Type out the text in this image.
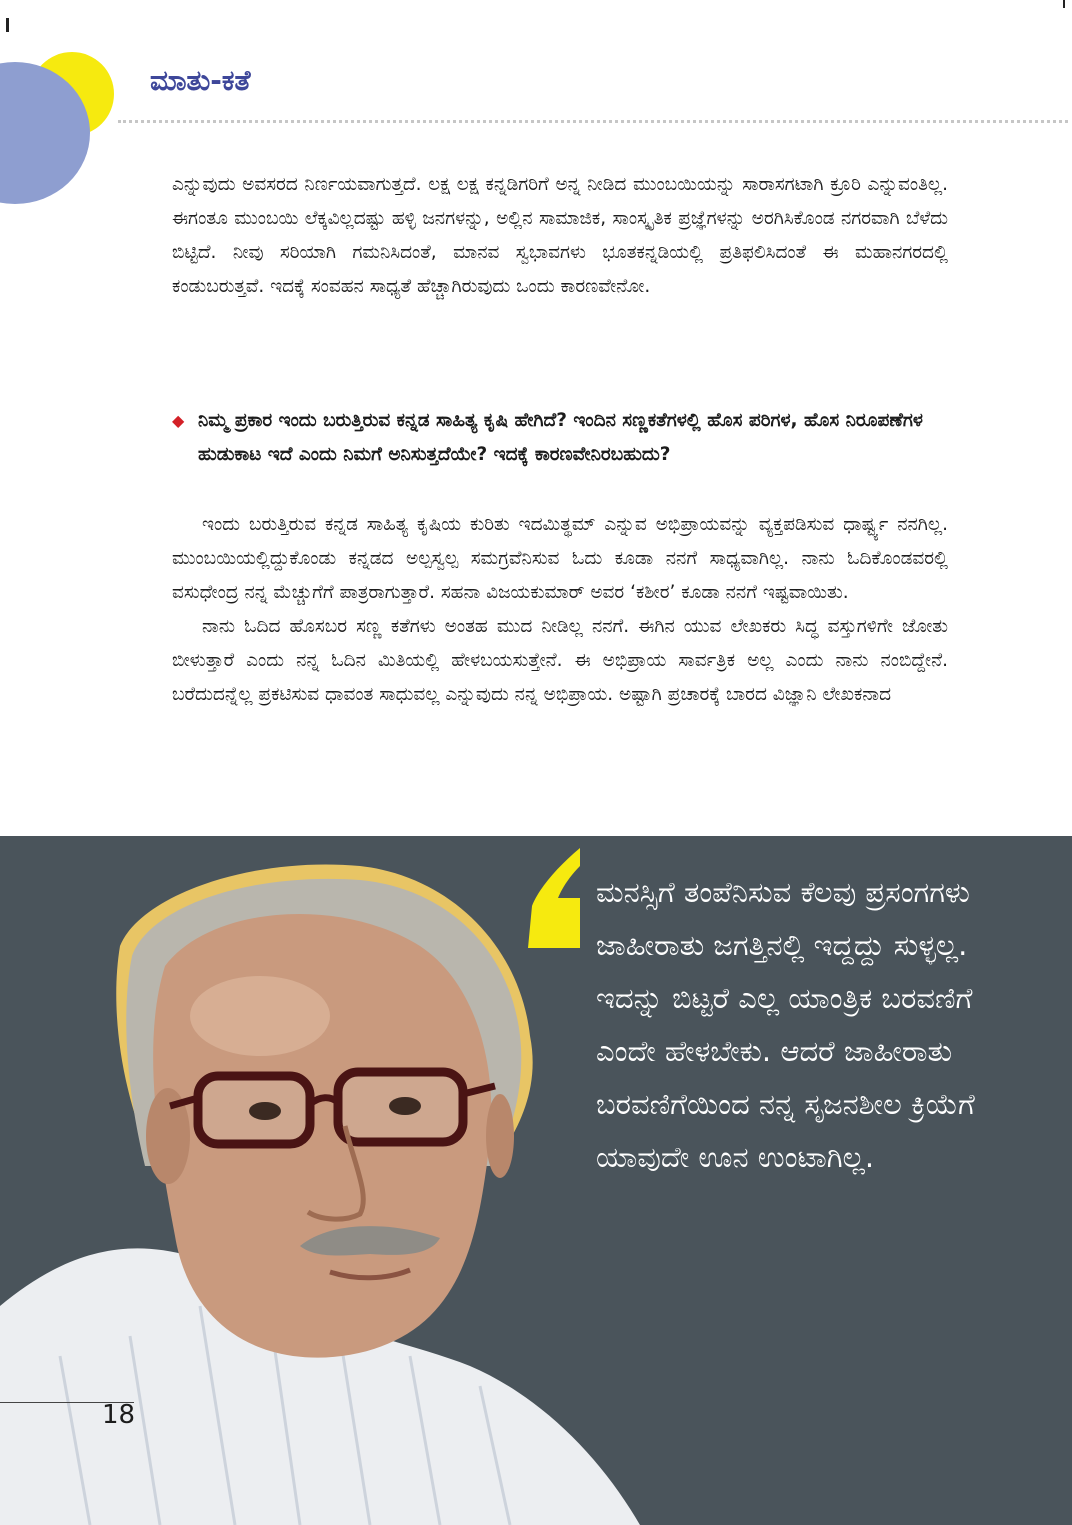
ಮಾತು-ಕತೆ

ಎನ್ನುವುದು ಅವಸರದ ನಿರ್ಣಯವಾಗುತ್ತದೆ. ಲಕ್ಷ ಲಕ್ಷ ಕನ್ನಡಿಗರಿಗೆ ಅನ್ನ ನೀಡಿದ ಮುಂಬಯಿಯನ್ನು ಸಾರಾಸಗಟಾಗಿ ಕ್ರೂರಿ ಎನ್ನುವಂತಿಲ್ಲ. ಈಗಂತೂ ಮುಂಬಯಿ ಲೆಕ್ಕವಿಲ್ಲದಷ್ಟು ಹಳ್ಳಿ ಜನಗಳನ್ನು, ಅಲ್ಲಿನ ಸಾಮಾಜಿಕ, ಸಾಂಸ್ಕೃತಿಕ ಪ್ರಜ್ಞೆಗಳನ್ನು ಅರಗಿಸಿಕೊಂಡ ನಗರವಾಗಿ ಬೆಳೆದು ಬಿಟ್ಟಿದೆ. ನೀವು ಸರಿಯಾಗಿ ಗಮನಿಸಿದಂತೆ, ಮಾನವ ಸ್ವಭಾವಗಳು ಭೂತಕನ್ನಡಿಯಲ್ಲಿ ಪ್ರತಿಫಲಿಸಿದಂತೆ ಈ ಮಹಾನಗರದಲ್ಲಿ ಕಂಡುಬರುತ್ತವೆ. ಇದಕ್ಕೆ ಸಂವಹನ ಸಾಧ್ಯತೆ ಹೆಚ್ಚಾಗಿರುವುದು ಒಂದು ಕಾರಣವೇನೋ.

◆ ನಿಮ್ಮ ಪ್ರಕಾರ ಇಂದು ಬರುತ್ತಿರುವ ಕನ್ನಡ ಸಾಹಿತ್ಯ ಕೃಷಿ ಹೇಗಿದೆ? ಇಂದಿನ ಸಣ್ಣಕತೆಗಳಲ್ಲಿ ಹೊಸ ಪರಿಗಳ, ಹೊಸ ನಿರೂಪಣೆಗಳ ಹುಡುಕಾಟ ಇದೆ ಎಂದು ನಿಮಗೆ ಅನಿಸುತ್ತದೆಯೇ? ಇದಕ್ಕೆ ಕಾರಣವೇನಿರಬಹುದು?

ಇಂದು ಬರುತ್ತಿರುವ ಕನ್ನಡ ಸಾಹಿತ್ಯ ಕೃಷಿಯ ಕುರಿತು ಇದಮಿತ್ಥಮ್ ಎನ್ನುವ ಅಭಿಪ್ರಾಯವನ್ನು ವ್ಯಕ್ತಪಡಿಸುವ ಧಾರ್ಷ್ಟ್ಯ ನನಗಿಲ್ಲ. ಮುಂಬಯಿಯಲ್ಲಿದ್ದುಕೊಂಡು ಕನ್ನಡದ ಅಲ್ಪಸ್ವಲ್ಪ ಸಮಗ್ರವೆನಿಸುವ ಓದು ಕೂಡಾ ನನಗೆ ಸಾಧ್ಯವಾಗಿಲ್ಲ. ನಾನು ಓದಿಕೊಂಡವರಲ್ಲಿ ವಸುಧೇಂದ್ರ ನನ್ನ ಮೆಚ್ಚುಗೆಗೆ ಪಾತ್ರರಾಗುತ್ತಾರೆ. ಸಹನಾ ವಿಜಯಕುಮಾರ್ ಅವರ ‘ಕಶೀರ’ ಕೂಡಾ ನನಗೆ ಇಷ್ಟವಾಯಿತು.

ನಾನು ಓದಿದ ಹೊಸಬರ ಸಣ್ಣ ಕತೆಗಳು ಅಂತಹ ಮುದ ನೀಡಿಲ್ಲ ನನಗೆ. ಈಗಿನ ಯುವ ಲೇಖಕರು ಸಿದ್ಧ ವಸ್ತುಗಳಿಗೇ ಜೋತು ಬೀಳುತ್ತಾರೆ ಎಂದು ನನ್ನ ಓದಿನ ಮಿತಿಯಲ್ಲಿ ಹೇಳಬಯಸುತ್ತೇನೆ. ಈ ಅಭಿಪ್ರಾಯ ಸಾರ್ವತ್ರಿಕ ಅಲ್ಲ ಎಂದು ನಾನು ನಂಬಿದ್ದೇನೆ. ಬರೆದುದನ್ನೆಲ್ಲ ಪ್ರಕಟಿಸುವ ಧಾವಂತ ಸಾಧುವಲ್ಲ ಎನ್ನುವುದು ನನ್ನ ಅಭಿಪ್ರಾಯ. ಅಷ್ಟಾಗಿ ಪ್ರಚಾರಕ್ಕೆ ಬಾರದ ವಿಜ್ಞಾನಿ ಲೇಖಕನಾದ

ಮನಸ್ಸಿಗೆ ತಂಪೆನಿಸುವ ಕೆಲವು ಪ್ರಸಂಗಗಳು ಜಾಹೀರಾತು ಜಗತ್ತಿನಲ್ಲಿ ಇದ್ದದ್ದು ಸುಳ್ಳಲ್ಲ. ಇದನ್ನು ಬಿಟ್ಟರೆ ಎಲ್ಲ ಯಾಂತ್ರಿಕ ಬರವಣಿಗೆ ಎಂದೇ ಹೇಳಬೇಕು. ಆದರೆ ಜಾಹೀರಾತು ಬರವಣಿಗೆಯಿಂದ ನನ್ನ ಸೃಜನಶೀಲ ಕ್ರಿಯೆಗೆ ಯಾವುದೇ ಊನ ಉಂಟಾಗಿಲ್ಲ.

18
